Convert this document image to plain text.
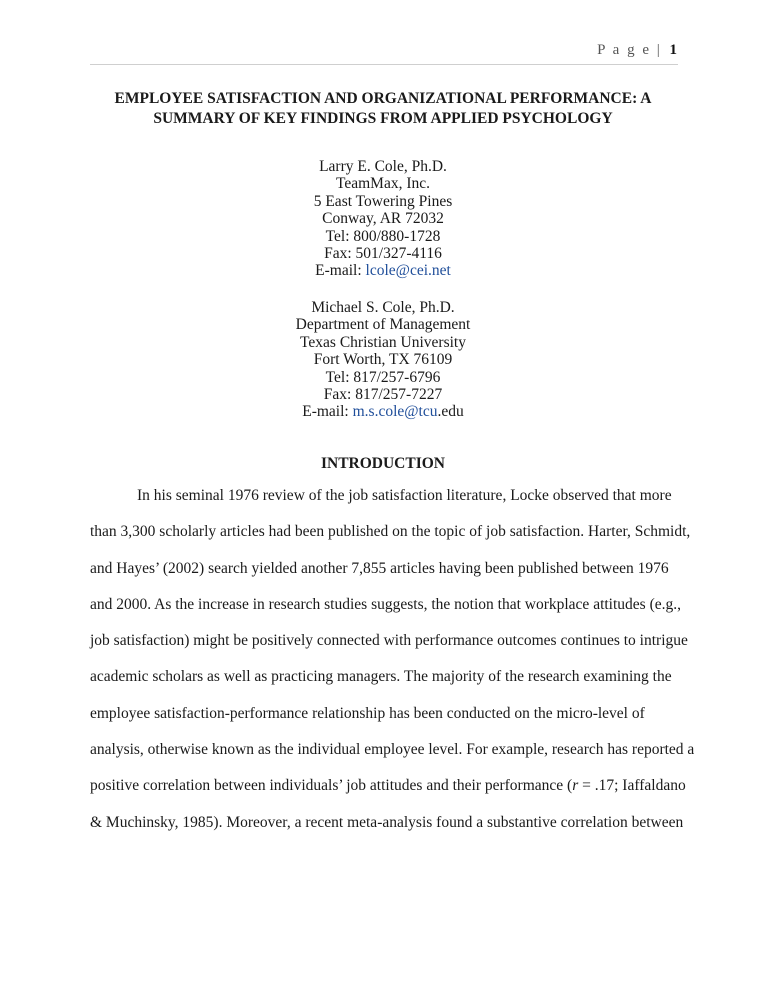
P a g e | 1
EMPLOYEE SATISFACTION AND ORGANIZATIONAL PERFORMANCE: A
SUMMARY OF KEY FINDINGS FROM APPLIED PSYCHOLOGY
Larry E. Cole, Ph.D.
TeamMax, Inc.
5 East Towering Pines
Conway, AR 72032
Tel: 800/880-1728
Fax: 501/327-4116
E-mail: lcole@cei.net
Michael S. Cole, Ph.D.
Department of Management
Texas Christian University
Fort Worth, TX 76109
Tel: 817/257-6796
Fax: 817/257-7227
E-mail: m.s.cole@tcu.edu
INTRODUCTION
In his seminal 1976 review of the job satisfaction literature, Locke observed that more
than 3,300 scholarly articles had been published on the topic of job satisfaction. Harter, Schmidt,
and Hayes’ (2002) search yielded another 7,855 articles having been published between 1976
and 2000. As the increase in research studies suggests, the notion that workplace attitudes (e.g.,
job satisfaction) might be positively connected with performance outcomes continues to intrigue
academic scholars as well as practicing managers. The majority of the research examining the
employee satisfaction-performance relationship has been conducted on the micro-level of
analysis, otherwise known as the individual employee level. For example, research has reported a
positive correlation between individuals’ job attitudes and their performance (r = .17; Iaffaldano
& Muchinsky, 1985). Moreover, a recent meta-analysis found a substantive correlation between
